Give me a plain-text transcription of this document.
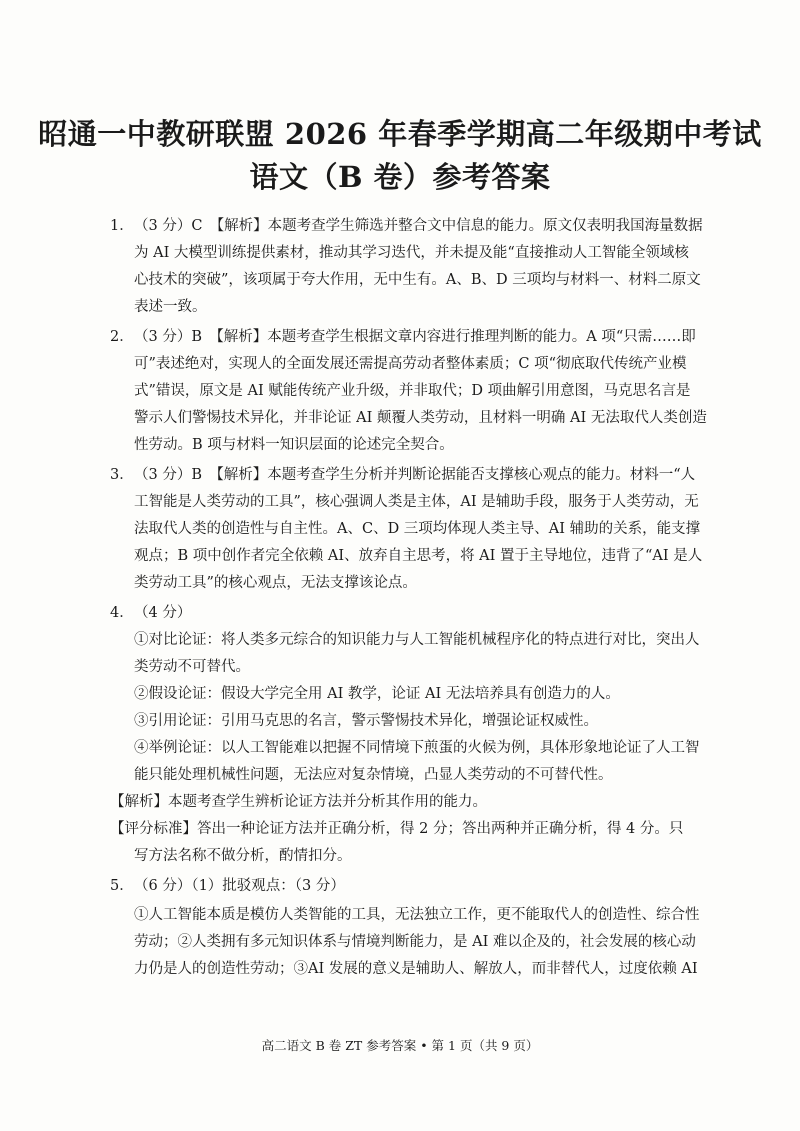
昭通一中教研联盟 2026 年春季学期高二年级期中考试
语文（B 卷）参考答案
1． （3 分）C　【解析】本题考查学生筛选并整合文中信息的能力。原文仅表明我国海量数据
为 AI 大模型训练提供素材，推动其学习迭代，并未提及能“直接推动人工智能全领域核
心技术的突破”，该项属于夸大作用，无中生有。A、B、D 三项均与材料一、材料二原文
表述一致。
2． （3 分）B　【解析】本题考查学生根据文章内容进行推理判断的能力。A 项“只需……即
可”表述绝对，实现人的全面发展还需提高劳动者整体素质；C 项“彻底取代传统产业模
式”错误，原文是 AI 赋能传统产业升级，并非取代；D 项曲解引用意图，马克思名言是
警示人们警惕技术异化，并非论证 AI 颠覆人类劳动，且材料一明确 AI 无法取代人类创造
性劳动。B 项与材料一知识层面的论述完全契合。
3． （3 分）B　【解析】本题考查学生分析并判断论据能否支撑核心观点的能力。材料一“人
工智能是人类劳动的工具”，核心强调人类是主体，AI 是辅助手段，服务于人类劳动，无
法取代人类的创造性与自主性。A、C、D 三项均体现人类主导、AI 辅助的关系，能支撑
观点；B 项中创作者完全依赖 AI、放弃自主思考，将 AI 置于主导地位，违背了“AI 是人
类劳动工具”的核心观点，无法支撑该论点。
4． （4 分）
①对比论证：将人类多元综合的知识能力与人工智能机械程序化的特点进行对比，突出人
类劳动不可替代。
②假设论证：假设大学完全用 AI 教学，论证 AI 无法培养具有创造力的人。
③引用论证：引用马克思的名言，警示警惕技术异化，增强论证权威性。
④举例论证：以人工智能难以把握不同情境下煎蛋的火候为例，具体形象地论证了人工智
能只能处理机械性问题，无法应对复杂情境，凸显人类劳动的不可替代性。
【解析】本题考查学生辨析论证方法并分析其作用的能力。
【评分标准】答出一种论证方法并正确分析，得 2 分；答出两种并正确分析，得 4 分。只
写方法名称不做分析，酌情扣分。
5． （6 分）（1）批驳观点：（3 分）
①人工智能本质是模仿人类智能的工具，无法独立工作，更不能取代人的创造性、综合性
劳动；②人类拥有多元知识体系与情境判断能力，是 AI 难以企及的，社会发展的核心动
力仍是人的创造性劳动；③AI 发展的意义是辅助人、解放人，而非替代人，过度依赖 AI
高二语文 B 卷 ZT 参考答案 • 第 1 页（共 9 页）
